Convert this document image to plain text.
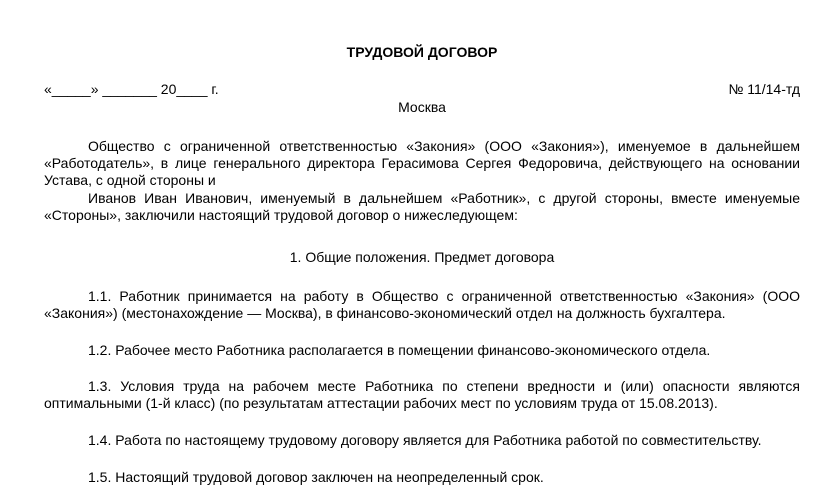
ТРУДОВОЙ ДОГОВОР
«_____» _______ 20____ г.	№ 11/14-тд
Москва

Общество с ограниченной ответственностью «Закония» (ООО «Закония»), именуемое в дальнейшем «Работодатель», в лице генерального директора Герасимова Сергея Федоровича, действующего на основании Устава, с одной стороны и

Иванов Иван Иванович, именуемый в дальнейшем «Работник», с другой стороны, вместе именуемые «Стороны», заключили настоящий трудовой договор о нижеследующем:

1. Общие положения. Предмет договора

1.1. Работник принимается на работу в Общество с ограниченной ответственностью «Закония» (ООО «Закония») (местонахождение — Москва), в финансово-экономический отдел на должность бухгалтера.

1.2. Рабочее место Работника располагается в помещении финансово-экономического отдела.

1.3. Условия труда на рабочем месте Работника по степени вредности и (или) опасности являются оптимальными (1-й класс) (по результатам аттестации рабочих мест по условиям труда от 15.08.2013).

1.4. Работа по настоящему трудовому договору является для Работника работой по совместительству.

1.5. Настоящий трудовой договор заключен на неопределенный срок.
